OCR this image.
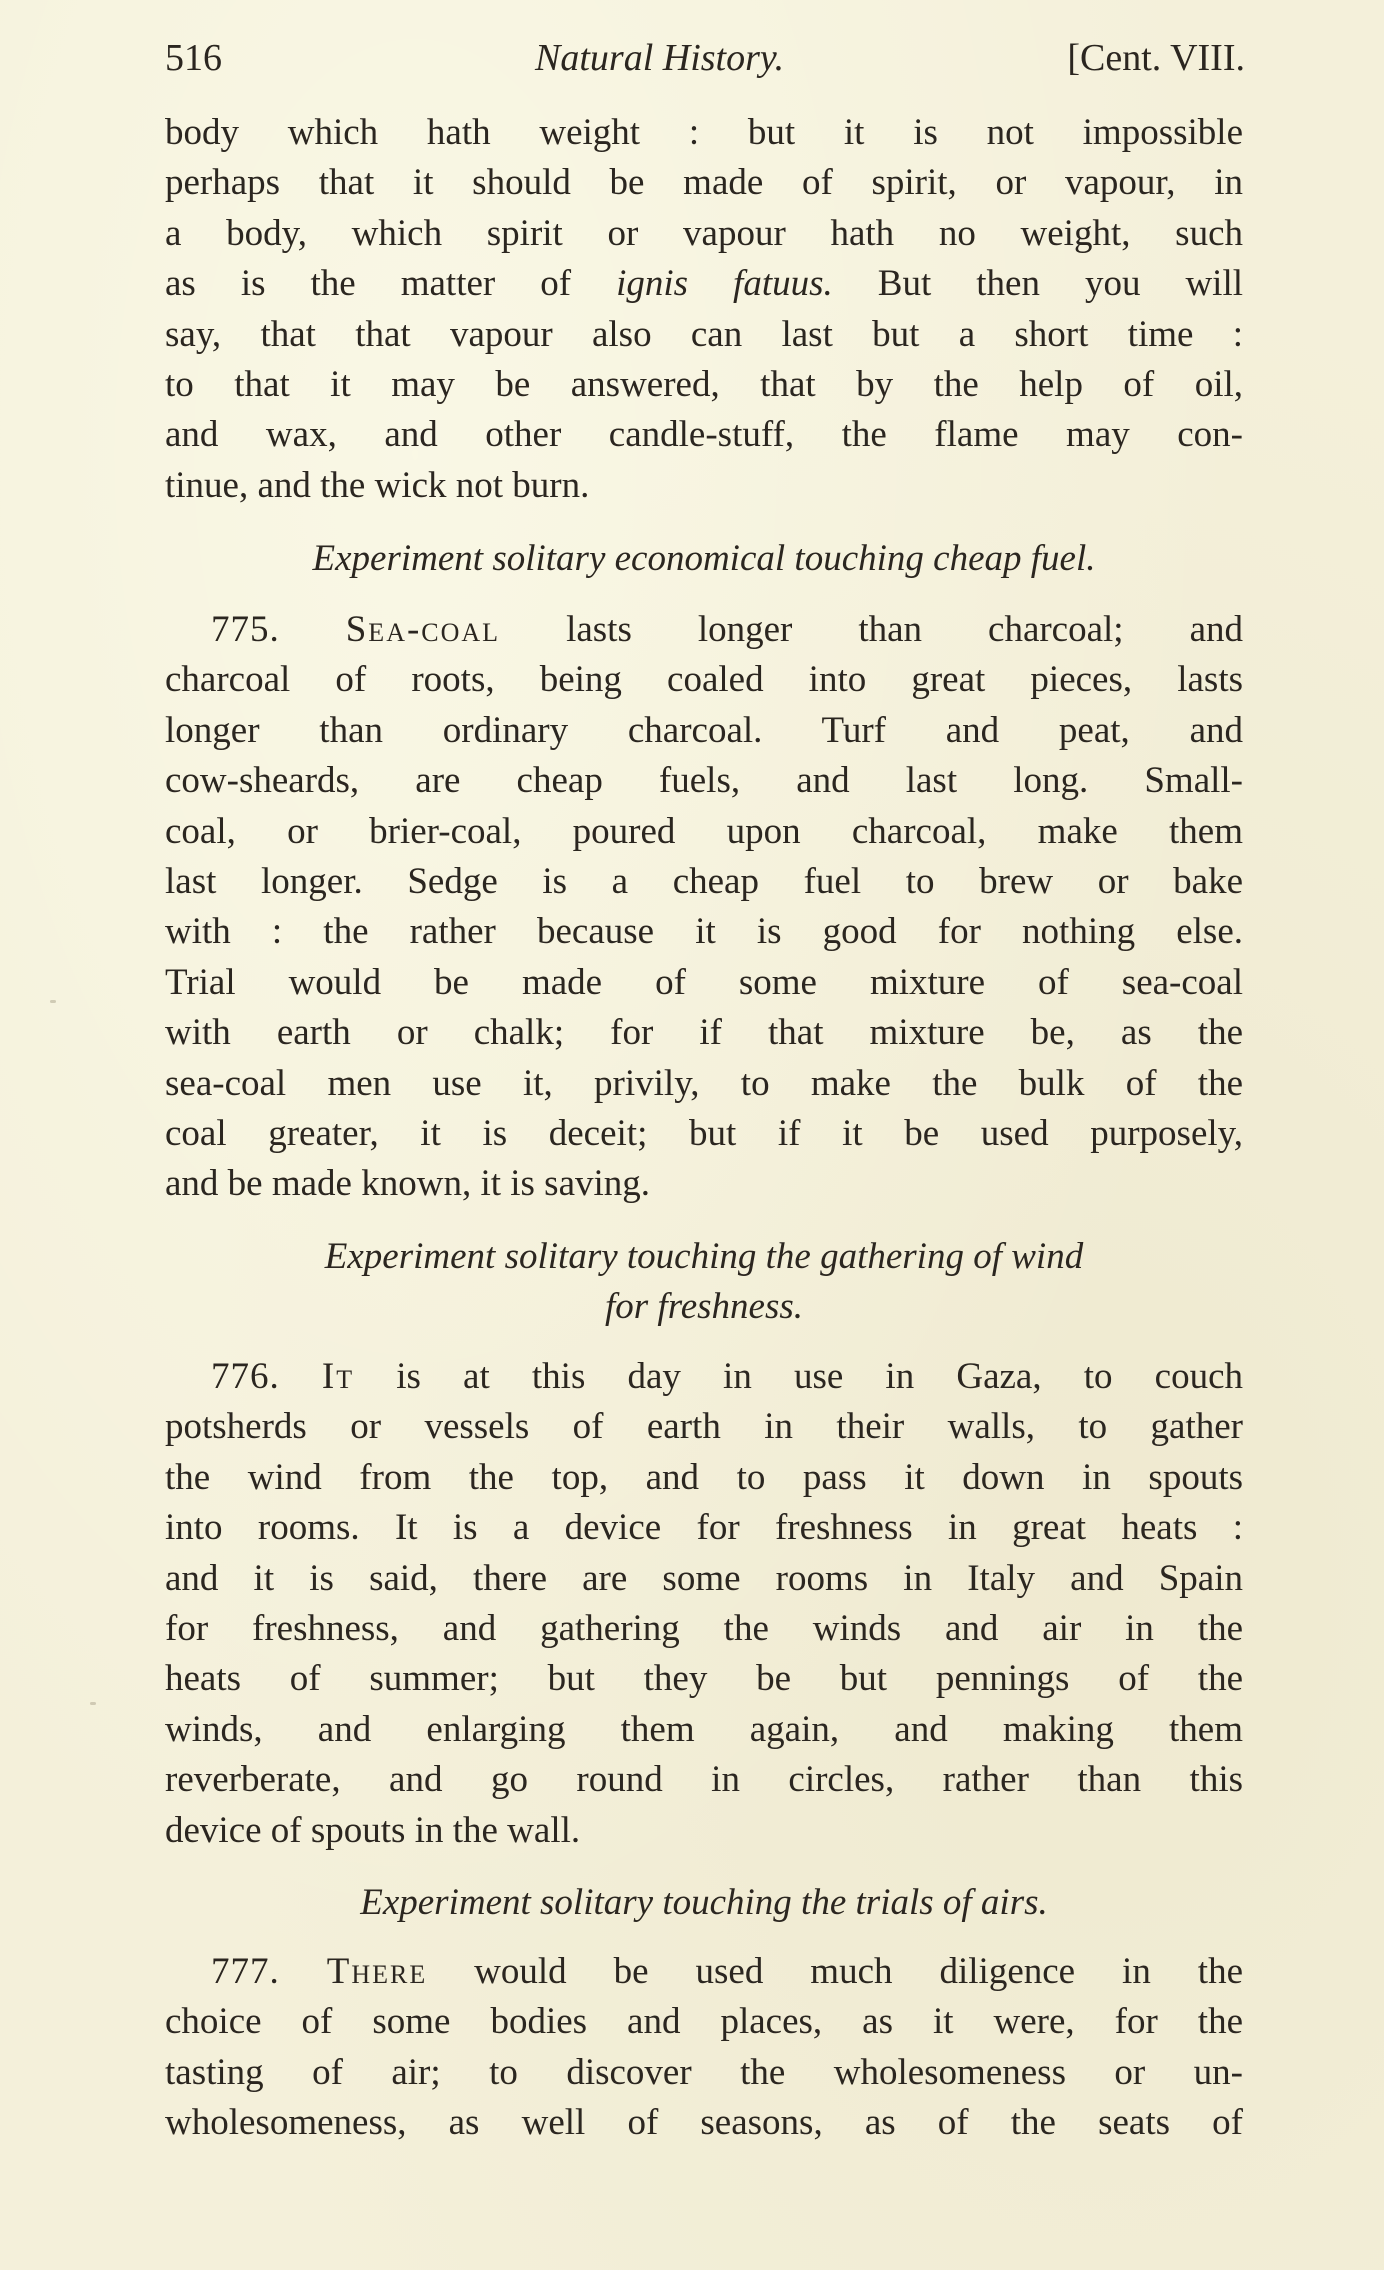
516	Natural History.	[Cent. VIII.
body which hath weight : but it is not impossible
perhaps that it should be made of spirit, or vapour, in
a body, which spirit or vapour hath no weight, such
as is the matter of ignis fatuus. But then you will
say, that that vapour also can last but a short time :
to that it may be answered, that by the help of oil,
and wax, and other candle-stuff, the flame may con-
tinue, and the wick not burn.
Experiment solitary economical touching cheap fuel.
775. Sea-coal lasts longer than charcoal; and
charcoal of roots, being coaled into great pieces, lasts
longer than ordinary charcoal. Turf and peat, and
cow-sheards, are cheap fuels, and last long. Small-
coal, or brier-coal, poured upon charcoal, make them
last longer. Sedge is a cheap fuel to brew or bake
with : the rather because it is good for nothing else.
Trial would be made of some mixture of sea-coal
with earth or chalk; for if that mixture be, as the
sea-coal men use it, privily, to make the bulk of the
coal greater, it is deceit; but if it be used purposely,
and be made known, it is saving.
Experiment solitary touching the gathering of wind
for freshness.
776. It is at this day in use in Gaza, to couch
potsherds or vessels of earth in their walls, to gather
the wind from the top, and to pass it down in spouts
into rooms. It is a device for freshness in great heats :
and it is said, there are some rooms in Italy and Spain
for freshness, and gathering the winds and air in the
heats of summer; but they be but pennings of the
winds, and enlarging them again, and making them
reverberate, and go round in circles, rather than this
device of spouts in the wall.
Experiment solitary touching the trials of airs.
777. There would be used much diligence in the
choice of some bodies and places, as it were, for the
tasting of air; to discover the wholesomeness or un-
wholesomeness, as well of seasons, as of the seats of
